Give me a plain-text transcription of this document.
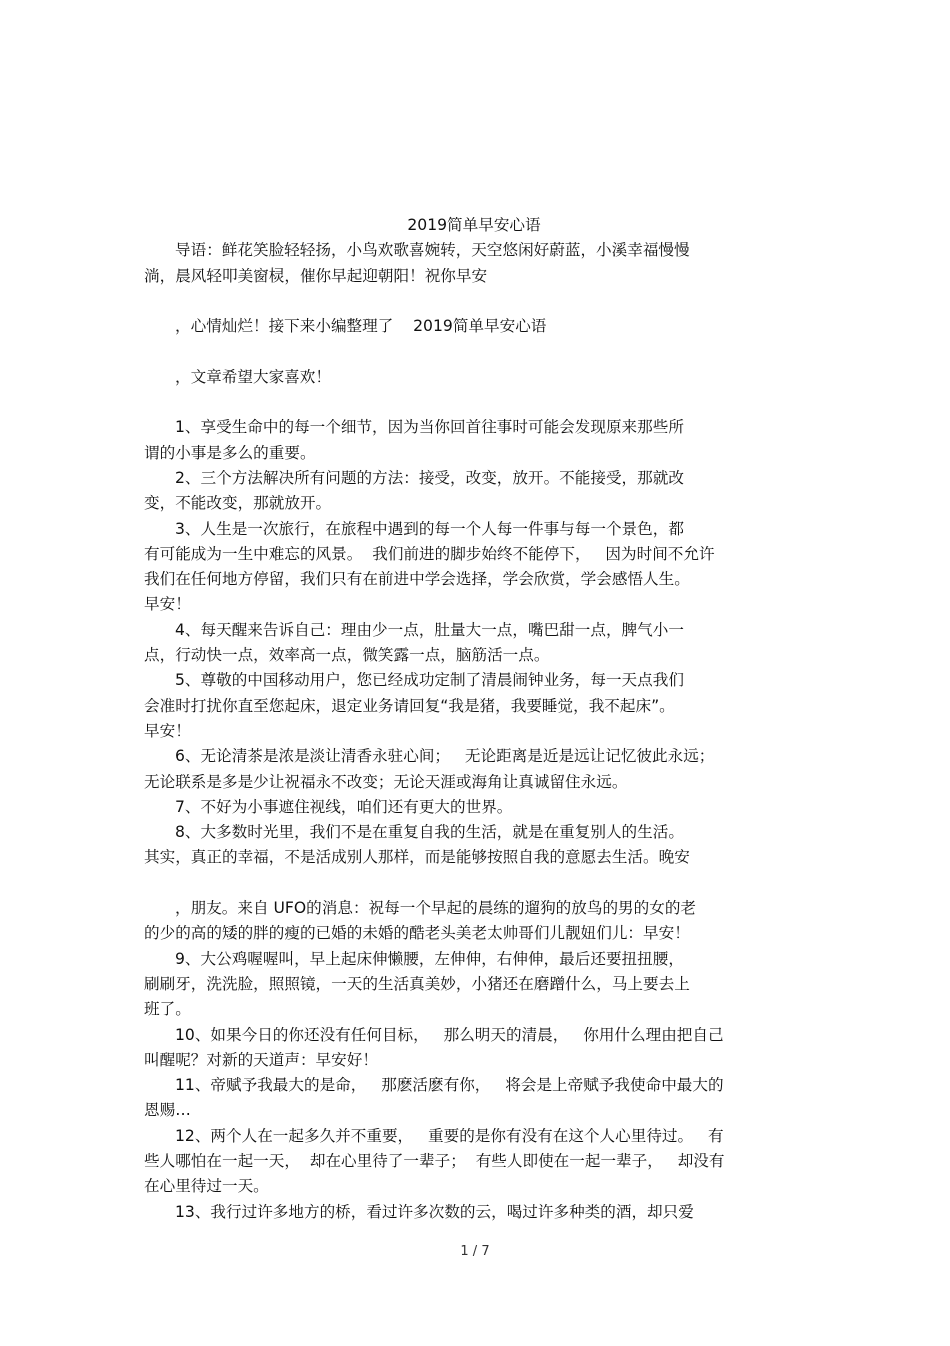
2019简单早安心语

导语：鲜花笑脸轻轻扬，小鸟欢歌喜婉转，天空悠闲好蔚蓝，小溪幸福慢慢

淌，晨风轻叩美窗棂，催你早起迎朝阳！祝你早安

，心情灿烂！接下来小编整理了    2019简单早安心语

，文章希望大家喜欢！

1、享受生命中的每一个细节，因为当你回首往事时可能会发现原来那些所

谓的小事是多么的重要。

2、三个方法解决所有问题的方法：接受，改变，放开。不能接受，那就改

变，不能改变，那就放开。

3、人生是一次旅行，在旅程中遇到的每一个人每一件事与每一个景色，都

有可能成为一生中难忘的风景。  我们前进的脚步始终不能停下，   因为时间不允许

我们在任何地方停留，我们只有在前进中学会选择，学会欣赏，学会感悟人生。

早安！

4、每天醒来告诉自己：理由少一点，肚量大一点，嘴巴甜一点，脾气小一

点，行动快一点，效率高一点，微笑露一点，脑筋活一点。

5、尊敬的中国移动用户，您已经成功定制了清晨闹钟业务，每一天点我们

会准时打扰你直至您起床，退定业务请回复“我是猪，我要睡觉，我不起床”。

早安！

6、无论清茶是浓是淡让清香永驻心间；   无论距离是近是远让记忆彼此永远；

无论联系是多是少让祝福永不改变；无论天涯或海角让真诚留住永远。

7、不好为小事遮住视线，咱们还有更大的世界。

8、大多数时光里，我们不是在重复自我的生活，就是在重复别人的生活。

其实，真正的幸福，不是活成别人那样，而是能够按照自我的意愿去生活。晚安

，朋友。来自 UFO的消息：祝每一个早起的晨练的遛狗的放鸟的男的女的老

的少的高的矮的胖的瘦的已婚的未婚的酷老头美老太帅哥们儿靓妞们儿：早安！

9、大公鸡喔喔叫，早上起床伸懒腰，左伸伸，右伸伸，最后还要扭扭腰，

刷刷牙，洗洗脸，照照镜，一天的生活真美妙，小猪还在磨蹭什么，马上要去上

班了。

10、如果今日的你还没有任何目标，   那么明天的清晨，   你用什么理由把自己

叫醒呢？对新的天道声：早安好！

11、帝赋予我最大的是命，   那麽活麽有你，   将会是上帝赋予我使命中最大的

恩赐…

12、两个人在一起多久并不重要，   重要的是你有没有在这个人心里待过。   有

些人哪怕在一起一天，  却在心里待了一辈子；  有些人即使在一起一辈子，   却没有

在心里待过一天。

13、我行过许多地方的桥，看过许多次数的云，喝过许多种类的酒，却只爱

1 / 7
